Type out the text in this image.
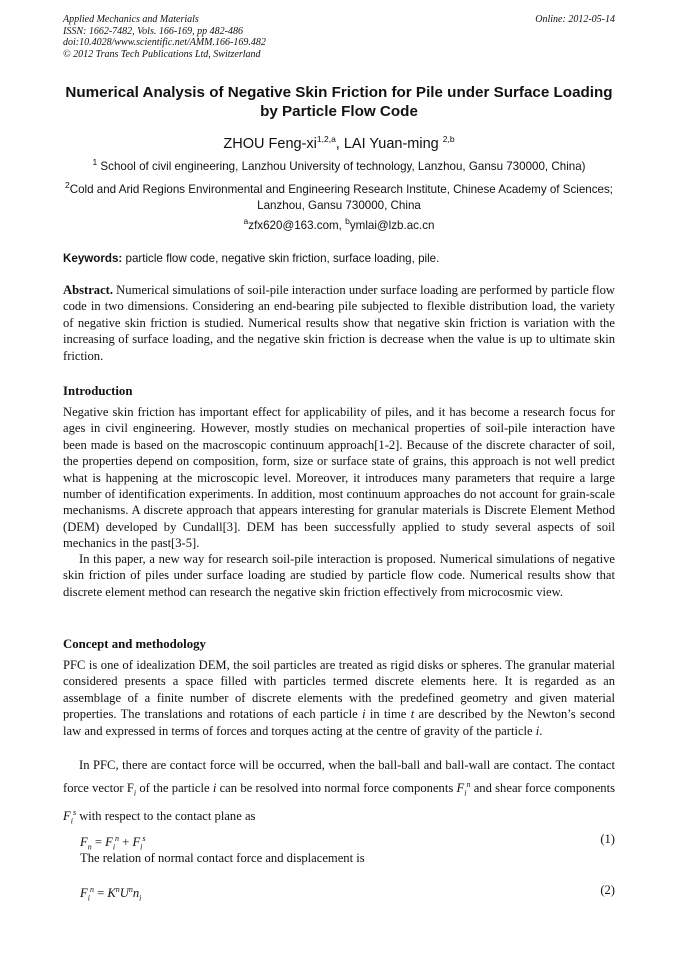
Applied Mechanics and Materials
ISSN: 1662-7482, Vols. 166-169, pp 482-486
doi:10.4028/www.scientific.net/AMM.166-169.482
© 2012 Trans Tech Publications Ltd, Switzerland
Online: 2012-05-14
Numerical Analysis of Negative Skin Friction for Pile under Surface Loading by Particle Flow Code
ZHOU Feng-xi$^{1,2,a}$, LAI Yuan-ming $^{2,b}$
$^1$ School of civil engineering, Lanzhou University of technology, Lanzhou, Gansu 730000, China)
$^2$Cold and Arid Regions Environmental and Engineering Research Institute, Chinese Academy of Sciences; Lanzhou, Gansu 730000, China
$^a$zfx620@163.com, $^b$ymlai@lzb.ac.cn
Keywords: particle flow code, negative skin friction, surface loading, pile.
Abstract. Numerical simulations of soil-pile interaction under surface loading are performed by particle flow code in two dimensions. Considering an end-bearing pile subjected to flexible distribution load, the variety of negative skin friction is studied. Numerical results show that negative skin friction is variation with the increasing of surface loading, and the negative skin friction is decrease when the value is up to ultimate skin friction.
Introduction
Negative skin friction has important effect for applicability of piles, and it has become a research focus for ages in civil engineering. However, mostly studies on mechanical properties of soil-pile interaction have been made is based on the macroscopic continuum approach[1-2]. Because of the discrete character of soil, the properties depend on composition, form, size or surface state of grains, this approach is not well predict what is happening at the microscopic level. Moreover, it introduces many parameters that require a large number of identification experiments. In addition, most continuum approaches do not account for grain-scale mechanisms. A discrete approach that appears interesting for granular materials is Discrete Element Method (DEM) developed by Cundall[3]. DEM has been successfully applied to study several aspects of soil mechanics in the past[3-5].
In this paper, a new way for research soil-pile interaction is proposed. Numerical simulations of negative skin friction of piles under surface loading are studied by particle flow code. Numerical results show that discrete element method can research the negative skin friction effectively from microcosmic view.
Concept and methodology
PFC is one of idealization DEM, the soil particles are treated as rigid disks or spheres. The granular material considered presents a space filled with particles termed discrete elements here. It is regarded as an assemblage of a finite number of discrete elements with the predefined geometry and given material properties. The translations and rotations of each particle i in time t are described by the Newton’s second law and expressed in terms of forces and torques acting at the centre of gravity of the particle i.
In PFC, there are contact force will be occurred, when the ball-ball and ball-wall are contact. The contact force vector $F_i$ of the particle i can be resolved into normal force components $F_i^n$ and shear force components $F_i^s$ with respect to the contact plane as
$F_n = F_i^n + F_i^s$	(1)
The relation of normal contact force and displacement is
$F_i^n = K^nU^nn_i$
(2)
